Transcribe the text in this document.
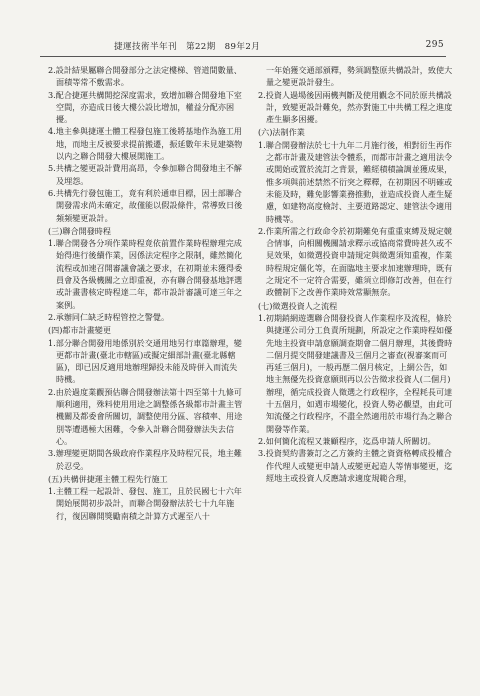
捷運技術半年刊　第22期　89年2月	295

2.設計結果屬聯合開發部分之法定樓梯、管道間數量、面積等常不敷需求。

3.配合捷運共構開挖深度需求，致增加聯合開發地下室空間，亦造成日後大樓公設比增加，權益分配亦困擾。

4.地主參與捷運土體工程發包施工後將基地作為施工用地，而地主反被要求提前搬遷，振延數年未見建築物以内之聯合開發大樓展開施工。

5.共構之變更設計費用高昂，令參加聯合開發地主不解及埋怨。

6.共構先行發包施工，竟有利於通車目標，因土部聯合開發需求尚未確定，故僅能以假設條件，常導致日後頻頻變更設計。

(三)聯合開發時程

1.聯合開發各分項作業時程竟依前置作業時程辦理完成始得進行後續作業，因係法定程序之限制，雖然簡化流程或加速召開審議會議之要求，在初期並未獲得委員會及各級機關之立即重視，亦有聯合開發基地評選或計畫書核定時程達二年，都市設計審議可達三年之案例。

2.承辦同仁缺乏時程管控之警覺。

(四)都市計畫變更

1.部分聯合開發用地係別於交通用地另行車篇辦理，變更都市計畫(臺北市轄區)或擬定細部計畫(臺北縣轄區)，即已因反適用地辦理歸投未能及時併入而流失時機。

2.由於過度業觀預估聯合開發辦法第十四至第十九條可順利適用，殊料使用用途之調整係各級都市計畫主管機關及都委會所關切，調整使用分區、容積率、用途別等遭遇極大困難，令參入計聯合開發辦法失去信心。

3.辦理變更期間各級政府作業程序及時程冗長，地主難於忍受。

(五)共構併捷運主體工程先行施工

1.主體工程一起設計、發包、施工，且於民國七十六年開始展開初步設計，而聯合開發辦法於七十九年施行，復因聯開獎勵南積之計算方式遲至八十

一年始獲交通部頒釋，勢須調整原共構設計，致使大量之變更設計發生。

2.投資人過場後因兩機判斷及使用觀念不同於原共構設計，致變更設計難免，然亦對施工中共構工程之進度產生顯多困擾。

(六)法制作業

1.聯合開發辦法於七十九年二月施行後，相對衍生再作之都市計畫及建管法令體系，而都市計畫之適用法令或開始或置於流訂之背景，難經積積論調並獲成果，惟多項與前述禁然不衍突之釋釋，在初期因不明確或未能及時，難免影響業務推動，並造成投資人產生疑慮，如建物高度檢討、主要道路認定、建管法令適用時機等。

2.作業所需之行政命令於初期難免有重重束縛及規定競合情事，向相關機關請求釋示或協商常費時甚久或不見效果，如徵選投資申請規定與徵選須知重複，作業時程規定僵化等，在面臨地主要求加速辦理時，既有之規定不一定符合需要，雖須立即修訂改善，但在行政體制下之改善作業時效常顯無奈。

(七)徵選投資人之流程

1.初期銷網遊選聯合開發投資人作業程序及流程，條於與捷運公司分工負責所規劃，所設定之作業時程如優先地主投資申請意願調查期會二個月辦理，其後費時二個月提交開發建議書及三個月之審查(視審案而可再延三個月)，一般再歷二個月核定，上網公告，如地主無優先投資意願則再以公告徵求投資人(二個月)辦理，循完成投資人徵選之行政程序，全程耗長可達十五個月，如遇市場變化，投資人勢必觀望，由此可知流優之行政程序，不盡全然適用於市場行為之聯合開發等作業。

2.如何簡化流程又兼顧程序，迄爲申請人所關切。

3.投資契約書簽訂之乙方簽約主體之資資格轉成投權合作代理人或變更申請人或變更起造人等情事變更，迄經地主或投資人反應請求適度規範合理，
